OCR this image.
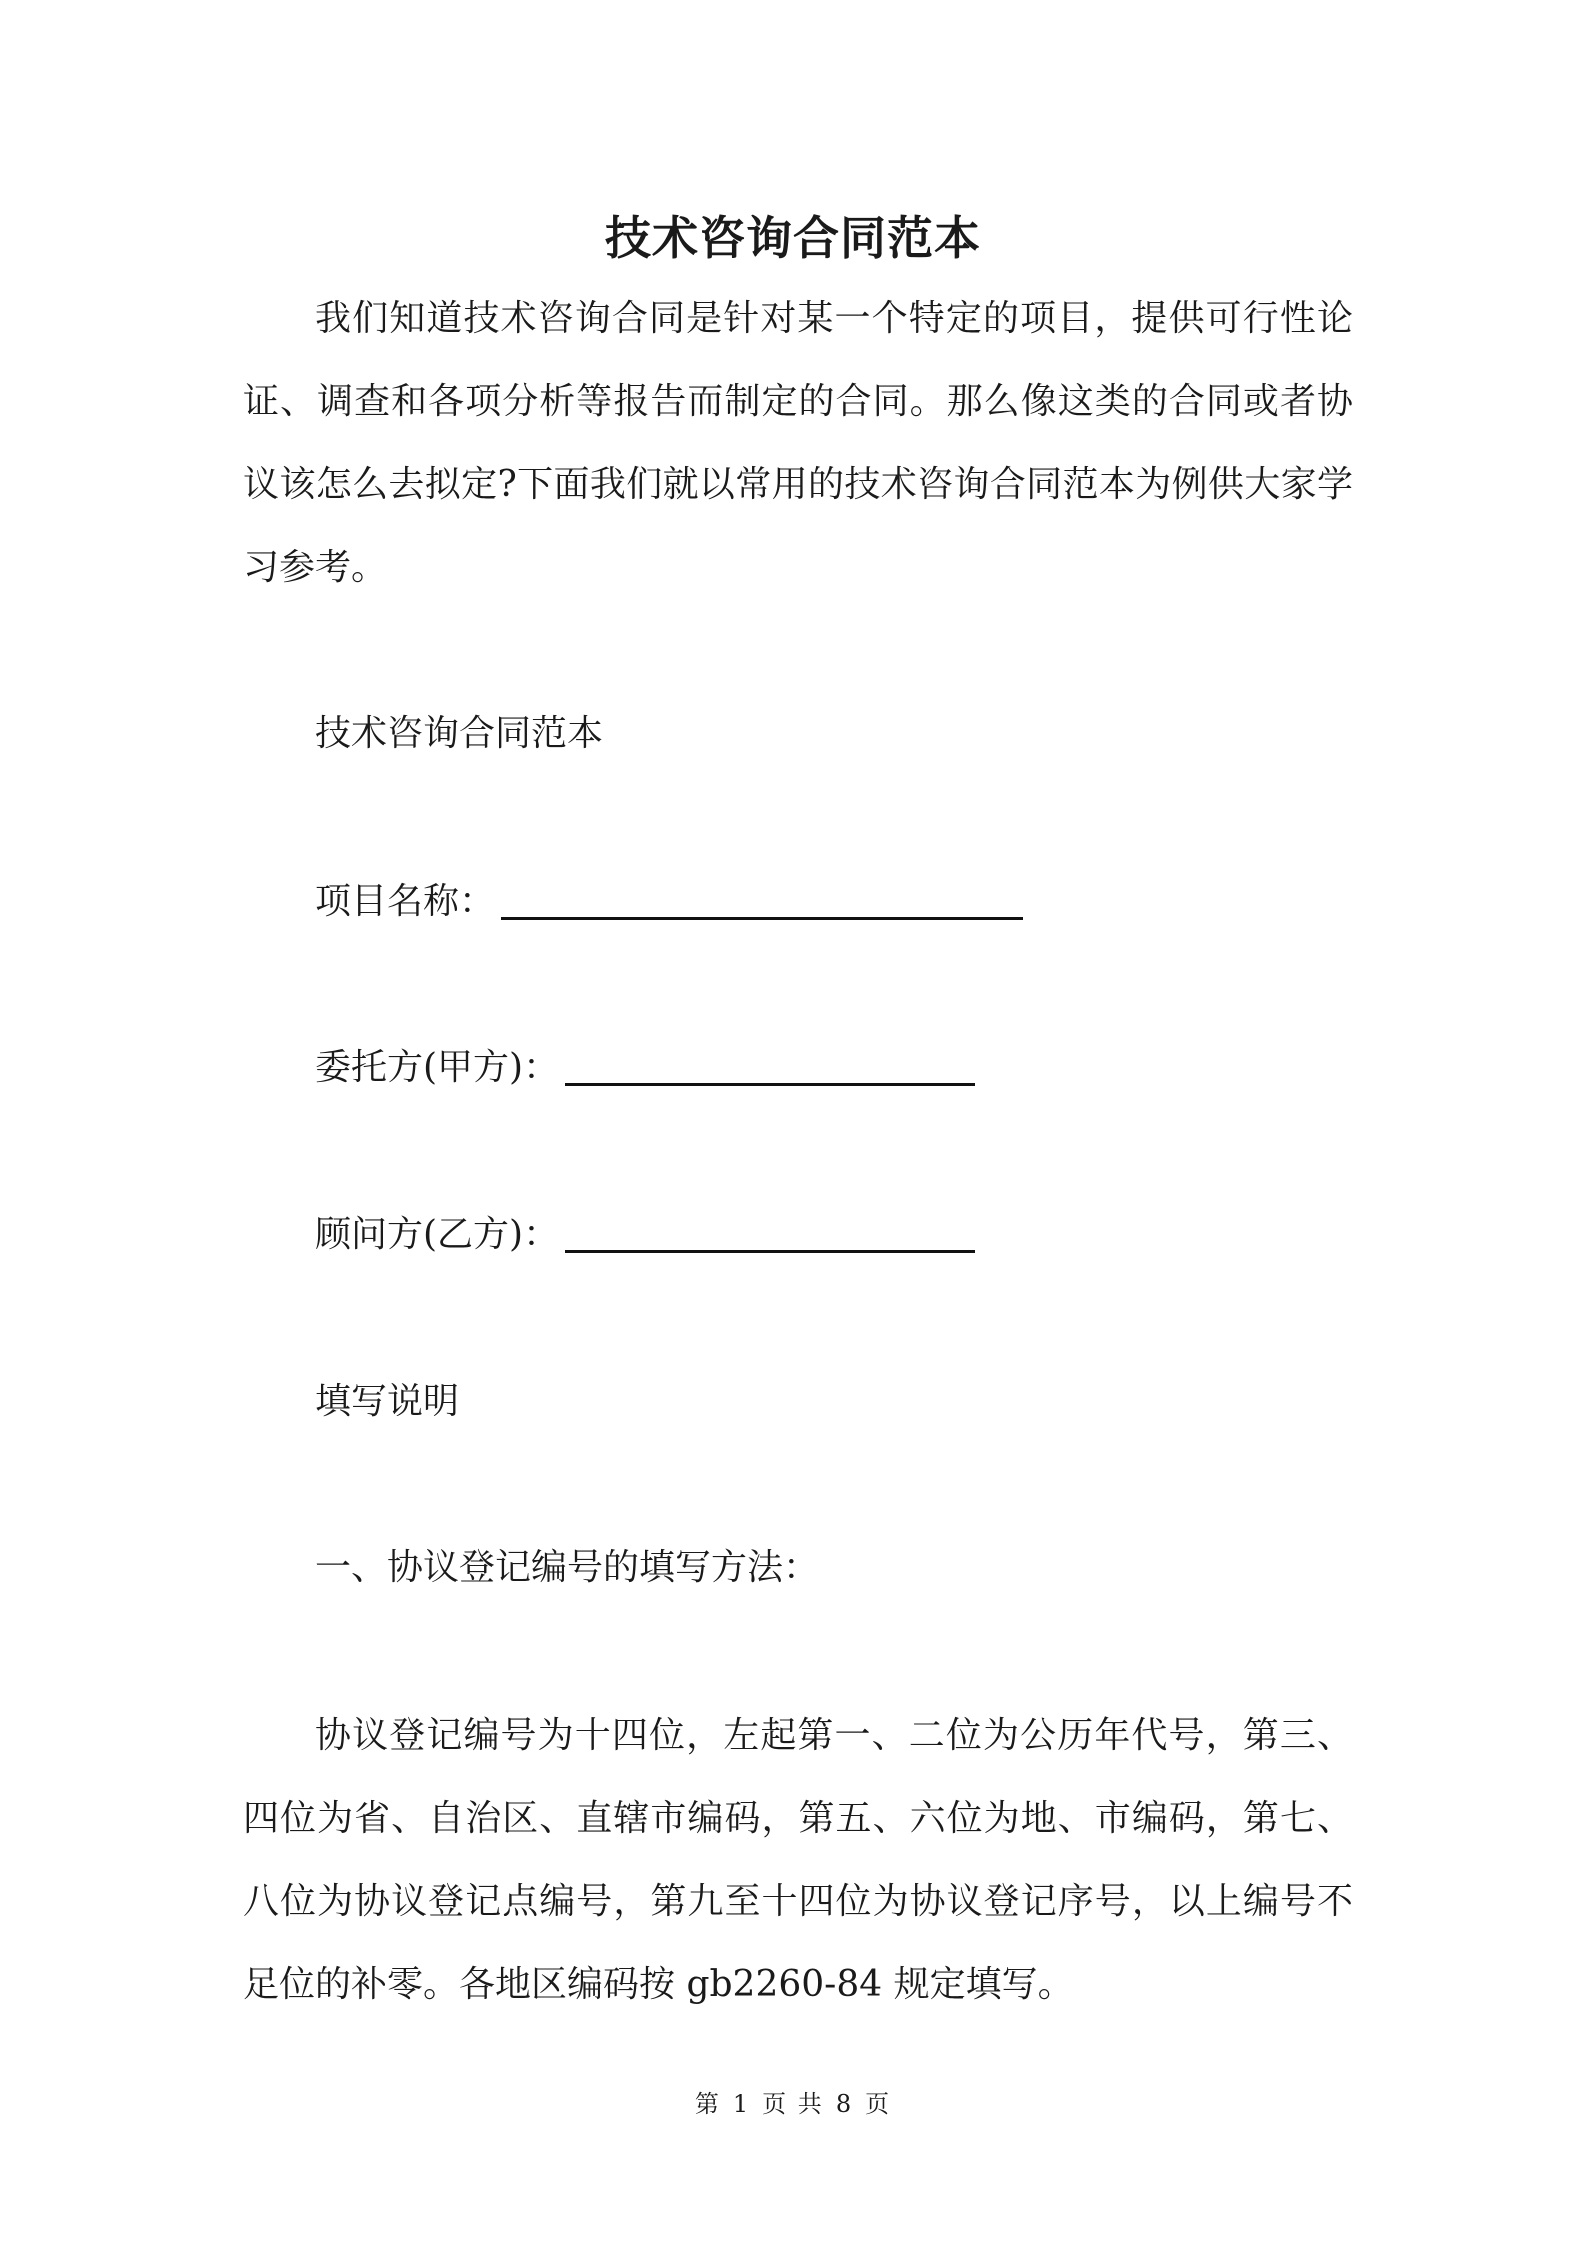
技术咨询合同范本
我们知道技术咨询合同是针对某一个特定的项目，提供可行性论证、调查和各项分析等报告而制定的合同。那么像这类的合同或者协议该怎么去拟定?下面我们就以常用的技术咨询合同范本为例供大家学习参考。
技术咨询合同范本
项目名称：
委托方(甲方)：
顾问方(乙方)：
填写说明
一、协议登记编号的填写方法：
协议登记编号为十四位，左起第一、二位为公历年代号，第三、四位为省、自治区、直辖市编码，第五、六位为地、市编码，第七、八位为协议登记点编号，第九至十四位为协议登记序号，以上编号不足位的补零。各地区编码按 gb2260-84 规定填写。
第 1 页 共 8 页
